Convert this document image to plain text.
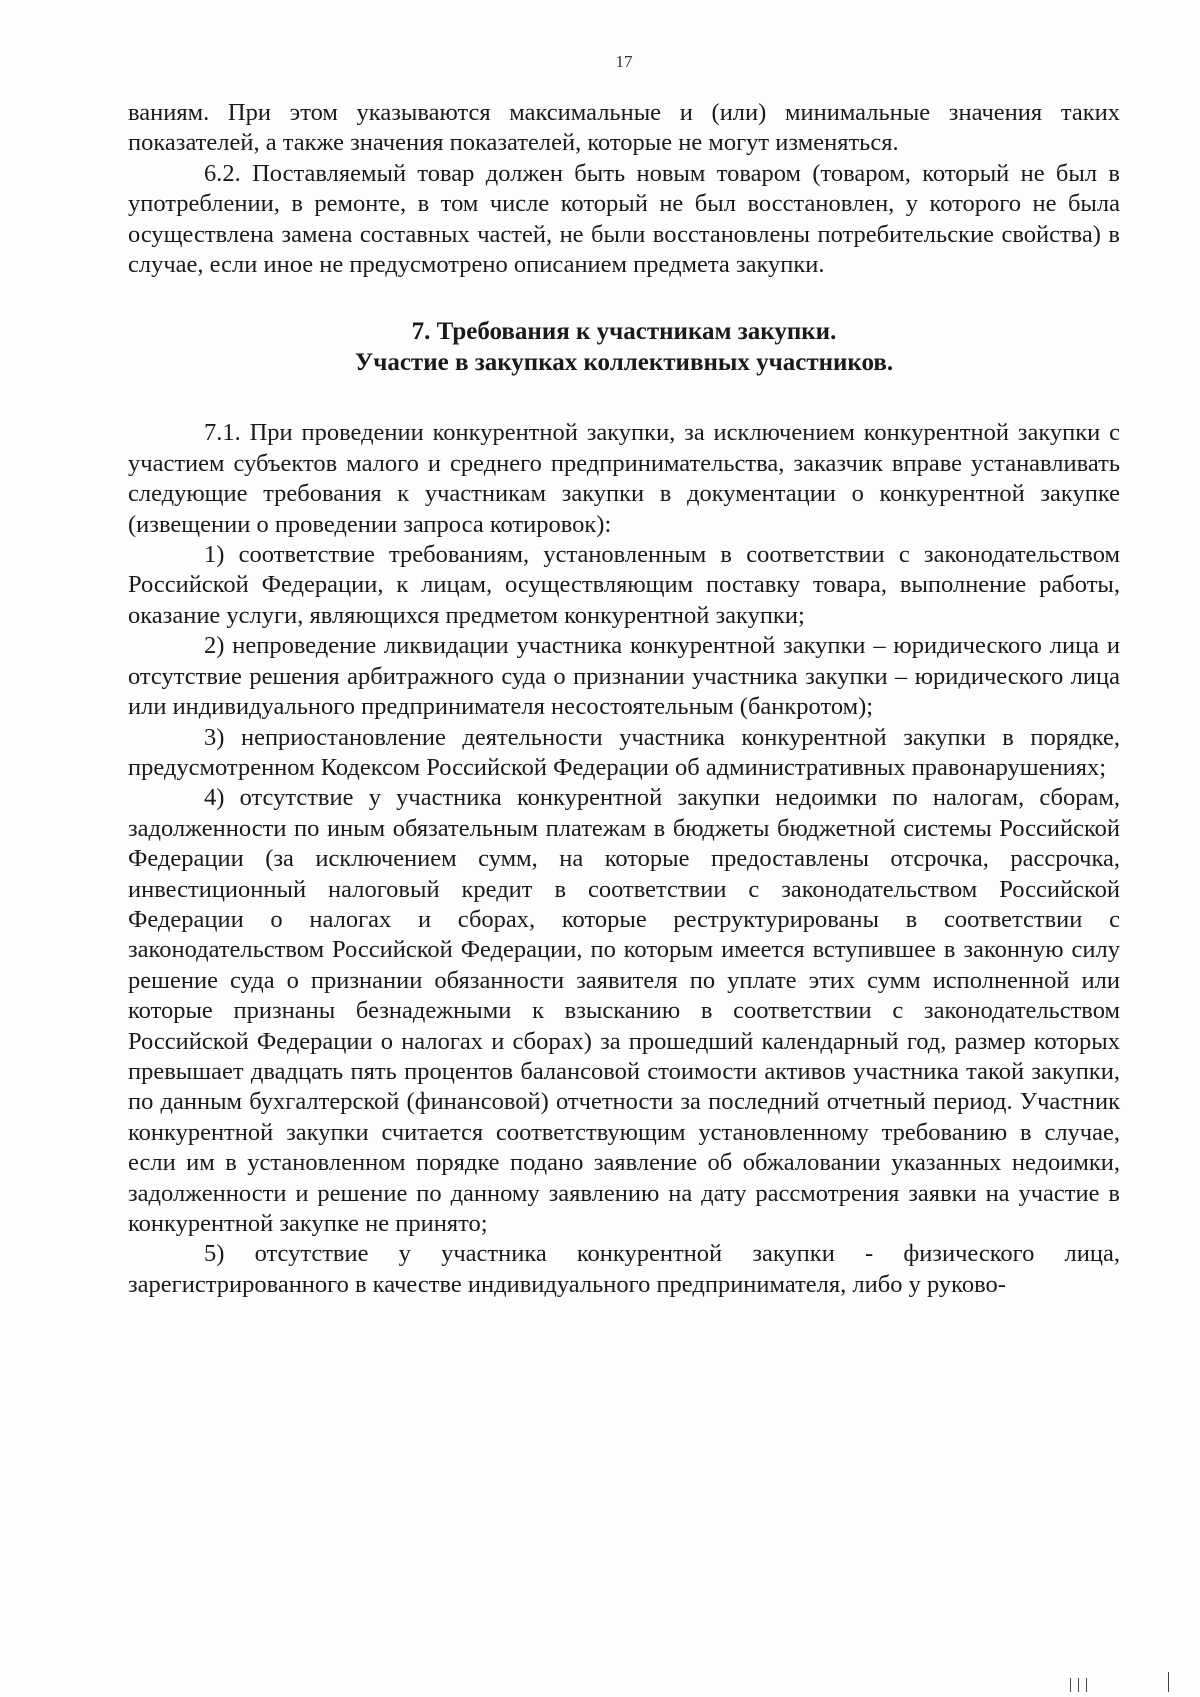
17

ваниям. При этом указываются максимальные и (или) минимальные значения таких показателей, а также значения показателей, которые не могут изменяться.

6.2. Поставляемый товар должен быть новым товаром (товаром, который не был в употреблении, в ремонте, в том числе который не был восстановлен, у которого не была осуществлена замена составных частей, не были восстановлены потребительские свойства) в случае, если иное не предусмотрено описанием предмета закупки.

7. Требования к участникам закупки.
Участие в закупках коллективных участников.

7.1. При проведении конкурентной закупки, за исключением конкурентной закупки с участием субъектов малого и среднего предпринимательства, заказчик вправе устанавливать следующие требования к участникам закупки в документации о конкурентной закупке (извещении о проведении запроса котировок):

1) соответствие требованиям, установленным в соответствии с законодательством Российской Федерации, к лицам, осуществляющим поставку товара, выполнение работы, оказание услуги, являющихся предметом конкурентной закупки;

2) непроведение ликвидации участника конкурентной закупки – юридического лица и отсутствие решения арбитражного суда о признании участника закупки – юридического лица или индивидуального предпринимателя несостоятельным (банкротом);

3) неприостановление деятельности участника конкурентной закупки в порядке, предусмотренном Кодексом Российской Федерации об административных правонарушениях;

4) отсутствие у участника конкурентной закупки недоимки по налогам, сборам, задолженности по иным обязательным платежам в бюджеты бюджетной системы Российской Федерации (за исключением сумм, на которые предоставлены отсрочка, рассрочка, инвестиционный налоговый кредит в соответствии с законодательством Российской Федерации о налогах и сборах, которые реструктурированы в соответствии с законодательством Российской Федерации, по которым имеется вступившее в законную силу решение суда о признании обязанности заявителя по уплате этих сумм исполненной или которые признаны безнадежными к взысканию в соответствии с законодательством Российской Федерации о налогах и сборах) за прошедший календарный год, размер которых превышает двадцать пять процентов балансовой стоимости активов участника такой закупки, по данным бухгалтерской (финансовой) отчетности за последний отчетный период. Участник конкурентной закупки считается соответствующим установленному требованию в случае, если им в установленном порядке подано заявление об обжаловании указанных недоимки, задолженности и решение по данному заявлению на дату рассмотрения заявки на участие в конкурентной закупке не принято;

5) отсутствие у участника конкурентной закупки - физического лица, зарегистрированного в качестве индивидуального предпринимателя, либо у руково-
